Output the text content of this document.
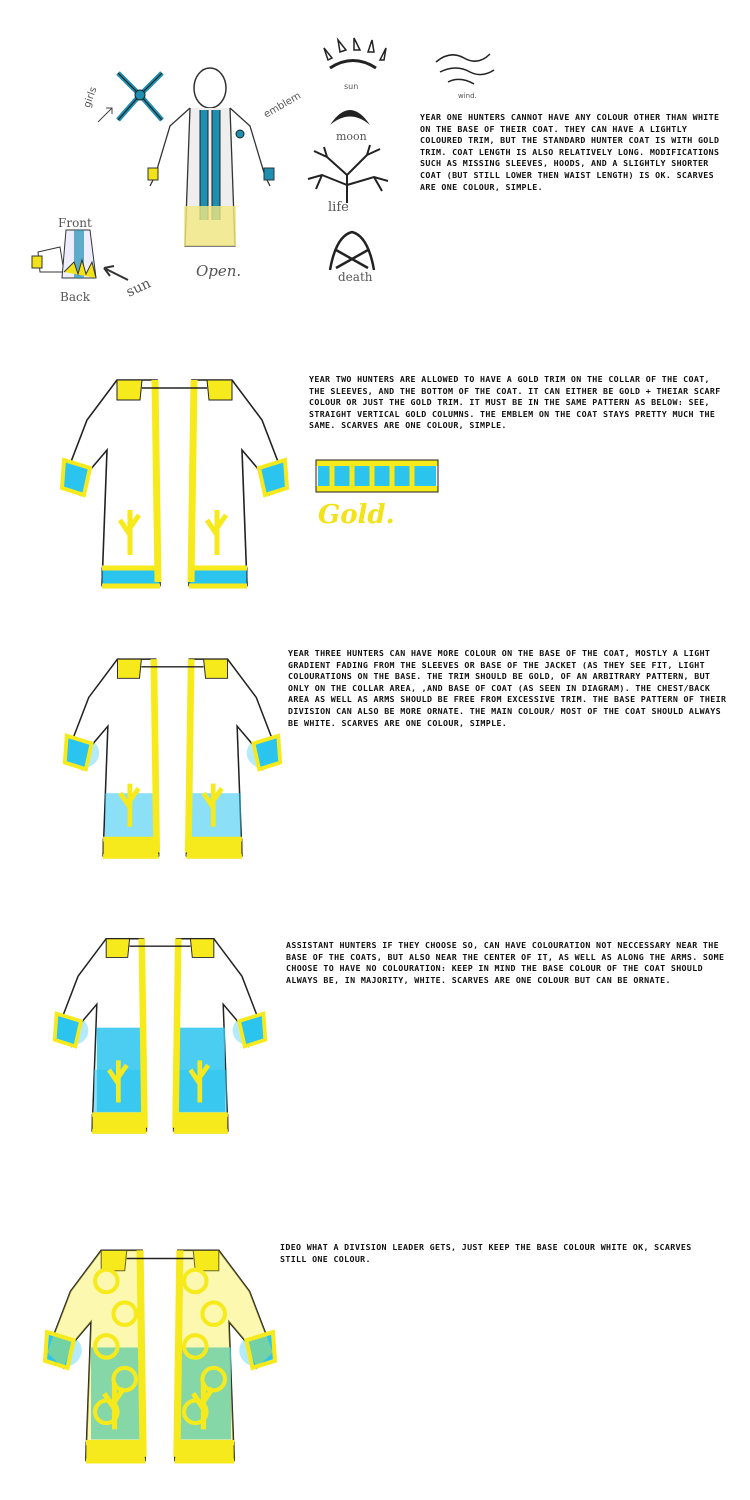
girls	emblem
Open.
Front
Back sun
sun
moon
life
death
wind.
YEAR ONE HUNTERS CANNOT HAVE ANY COLOUR OTHER THAN WHITE ON THE BASE OF THEIR COAT. THEY CAN HAVE A LIGHTLY COLOURED TRIM, BUT THE STANDARD HUNTER COAT IS WITH GOLD TRIM. COAT LENGTH IS ALSO RELATIVELY LONG. MODIFICATIONS SUCH AS MISSING SLEEVES, HOODS, AND A SLIGHTLY SHORTER COAT (BUT STILL LOWER THEN WAIST LENGTH) IS OK. SCARVES ARE ONE COLOUR, SIMPLE.
YEAR TWO HUNTERS ARE ALLOWED TO HAVE A GOLD TRIM ON THE COLLAR OF THE COAT, THE SLEEVES, AND THE BOTTOM OF THE COAT. IT CAN EITHER BE GOLD + THEIAR SCARF COLOUR OR JUST THE GOLD TRIM. IT MUST BE IN THE SAME PATTERN AS BELOW: SEE, STRAIGHT VERTICAL GOLD COLUMNS. THE EMBLEM ON THE COAT STAYS PRETTY MUCH THE SAME. SCARVES ARE ONE COLOUR, SIMPLE.
Gold.
YEAR THREE HUNTERS CAN HAVE MORE COLOUR ON THE BASE OF THE COAT, MOSTLY A LIGHT GRADIENT FADING FROM THE SLEEVES OR BASE OF THE JACKET (AS THEY SEE FIT, LIGHT COLOURATIONS ON THE BASE. THE TRIM SHOULD BE GOLD, OF AN ARBITRARY PATTERN, BUT ONLY ON THE COLLAR AREA, ,AND BASE OF COAT (AS SEEN IN DIAGRAM). THE CHEST/BACK AREA AS WELL AS ARMS SHOULD BE FREE FROM EXCESSIVE TRIM. THE BASE PATTERN OF THEIR DIVISION CAN ALSO BE MORE ORNATE. THE MAIN COLOUR/ MOST OF THE COAT SHOULD ALWAYS BE WHITE. SCARVES ARE ONE COLOUR, SIMPLE.
ASSISTANT HUNTERS IF THEY CHOOSE SO, CAN HAVE COLOURATION NOT NECCESSARY NEAR THE BASE OF THE COATS, BUT ALSO NEAR THE CENTER OF IT, AS WELL AS ALONG THE ARMS. SOME CHOOSE TO HAVE NO COLOURATION: KEEP IN MIND THE BASE COLOUR OF THE COAT SHOULD ALWAYS BE, IN MAJORITY, WHITE. SCARVES ARE ONE COLOUR BUT CAN BE ORNATE.
IDEO WHAT A DIVISION LEADER GETS, JUST KEEP THE BASE COLOUR WHITE OK, SCARVES STILL ONE COLOUR.
